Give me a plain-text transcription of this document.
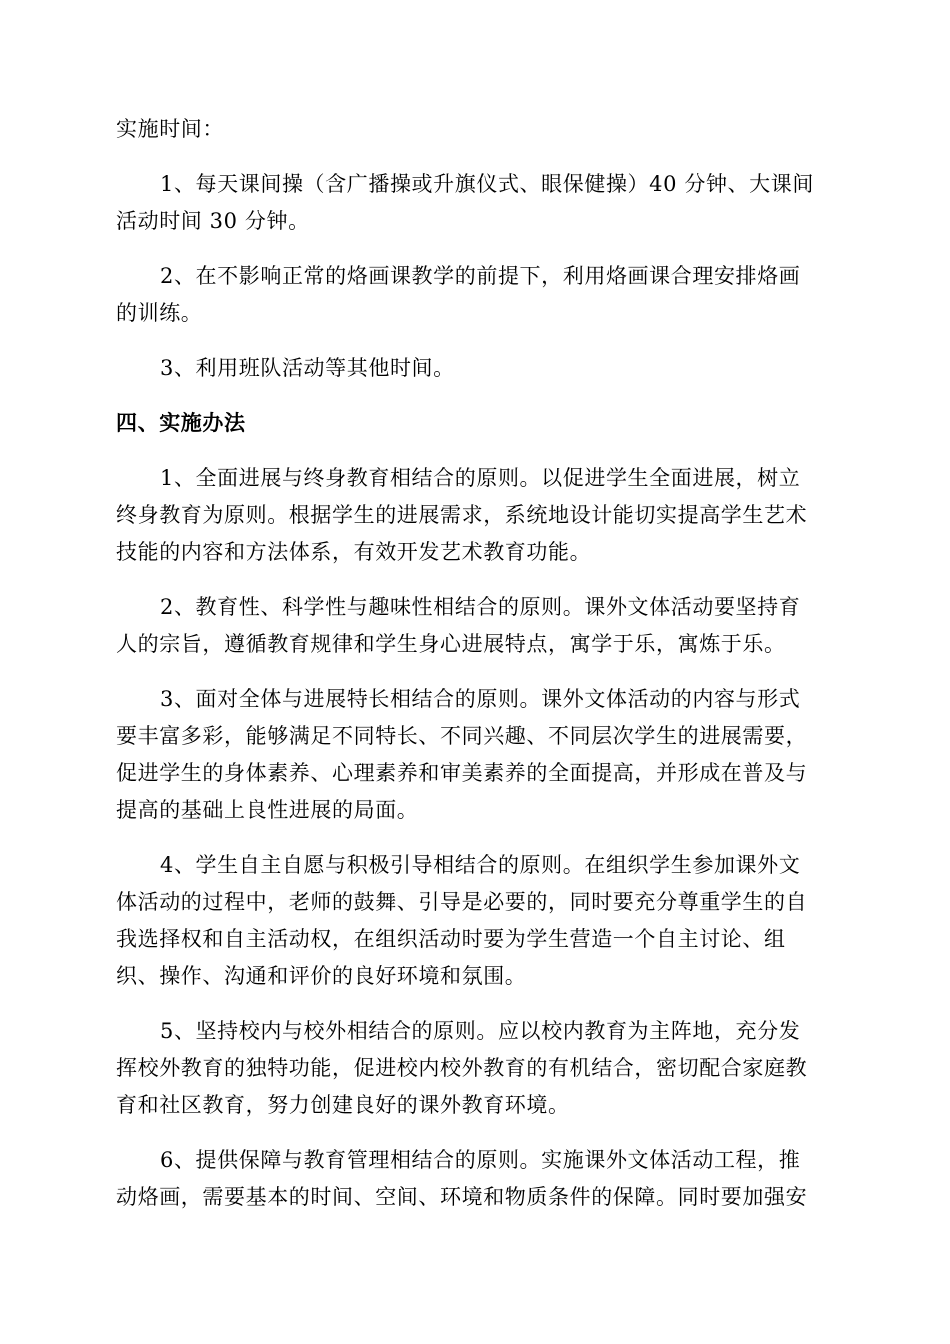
实施时间：
1、每天课间操（含广播操或升旗仪式、眼保健操）40 分钟、大课间
活动时间 30 分钟。
2、在不影响正常的烙画课教学的前提下，利用烙画课合理安排烙画
的训练。
3、利用班队活动等其他时间。
四、实施办法
1、全面进展与终身教育相结合的原则。以促进学生全面进展，树立
终身教育为原则。根据学生的进展需求，系统地设计能切实提高学生艺术
技能的内容和方法体系，有效开发艺术教育功能。
2、教育性、科学性与趣味性相结合的原则。课外文体活动要坚持育
人的宗旨，遵循教育规律和学生身心进展特点，寓学于乐，寓炼于乐。
3、面对全体与进展特长相结合的原则。课外文体活动的内容与形式
要丰富多彩，能够满足不同特长、不同兴趣、不同层次学生的进展需要，
促进学生的身体素养、心理素养和审美素养的全面提高，并形成在普及与
提高的基础上良性进展的局面。
4、学生自主自愿与积极引导相结合的原则。在组织学生参加课外文
体活动的过程中，老师的鼓舞、引导是必要的，同时要充分尊重学生的自
我选择权和自主活动权，在组织活动时要为学生营造一个自主讨论、组
织、操作、沟通和评价的良好环境和氛围。
5、坚持校内与校外相结合的原则。应以校内教育为主阵地，充分发
挥校外教育的独特功能，促进校内校外教育的有机结合，密切配合家庭教
育和社区教育，努力创建良好的课外教育环境。
6、提供保障与教育管理相结合的原则。实施课外文体活动工程，推
动烙画，需要基本的时间、空间、环境和物质条件的保障。同时要加强安
